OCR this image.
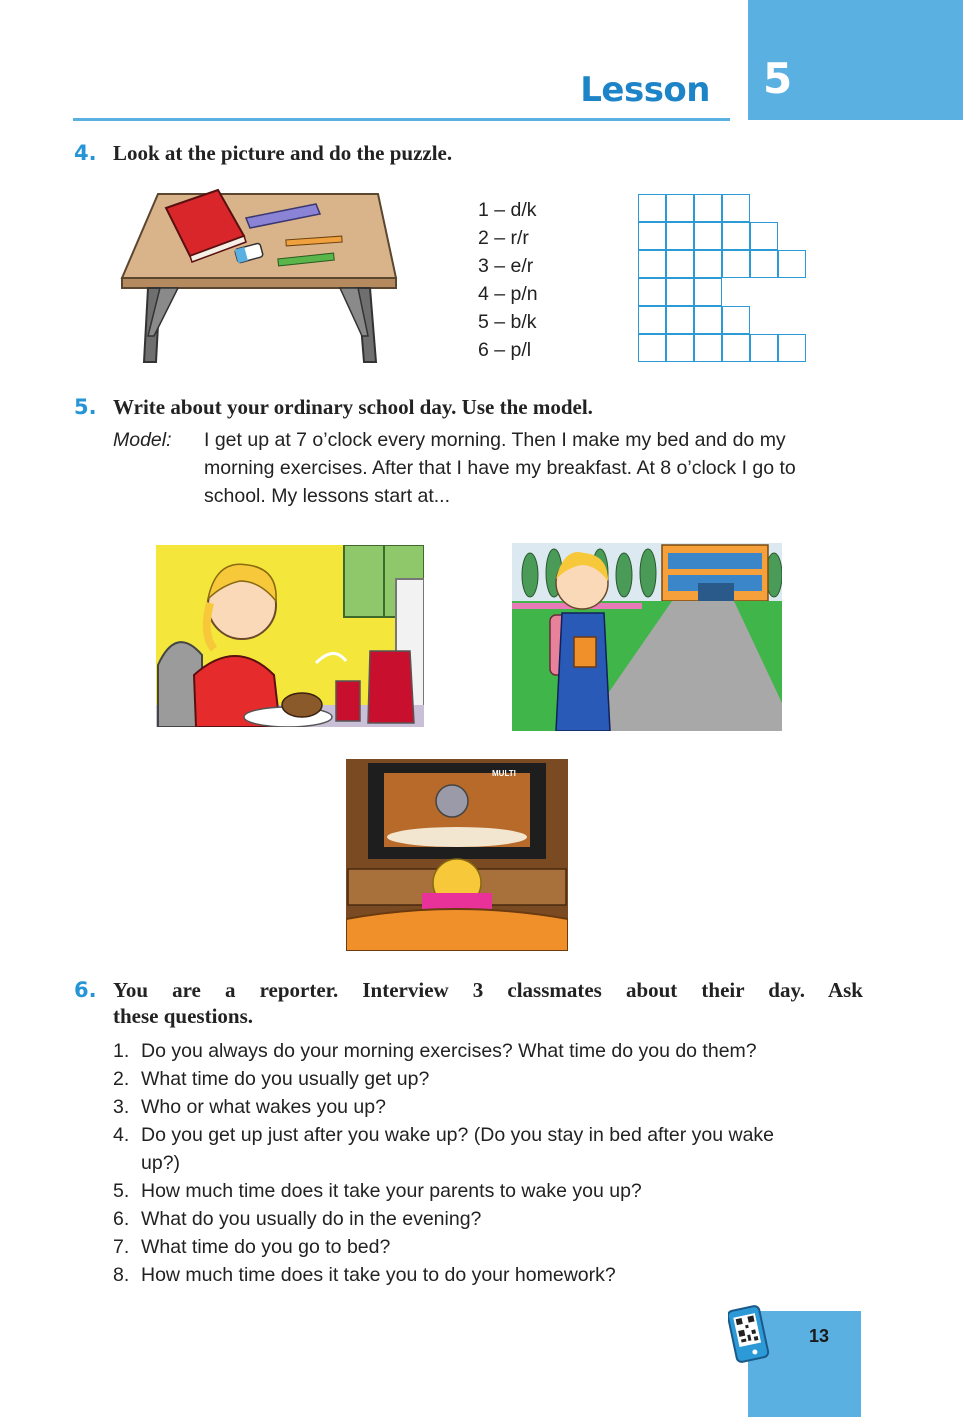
5
Lesson
4. Look at the picture and do the puzzle.
1 – d/k
2 – r/r
3 – e/r
4 – p/n
5 – b/k
6 – p/l
5. Write about your ordinary school day. Use the model.
Model: I get up at 7 o’clock every morning. Then I make my bed and do my
morning exercises. After that I have my breakfast. At 8 o’clock I go to
school. My lessons start at...
MULTI
6. You are a reporter. Interview 3 classmates about their day. Ask
these questions.
1. Do you always do your morning exercises? What time do you do them?
2. What time do you usually get up?
3. Who or what wakes you up?
4. Do you get up just after you wake up? (Do you stay in bed after you wake
up?)
5. How much time does it take your parents to wake you up?
6. What do you usually do in the evening?
7. What time do you go to bed?
8. How much time does it take you to do your homework?
13
